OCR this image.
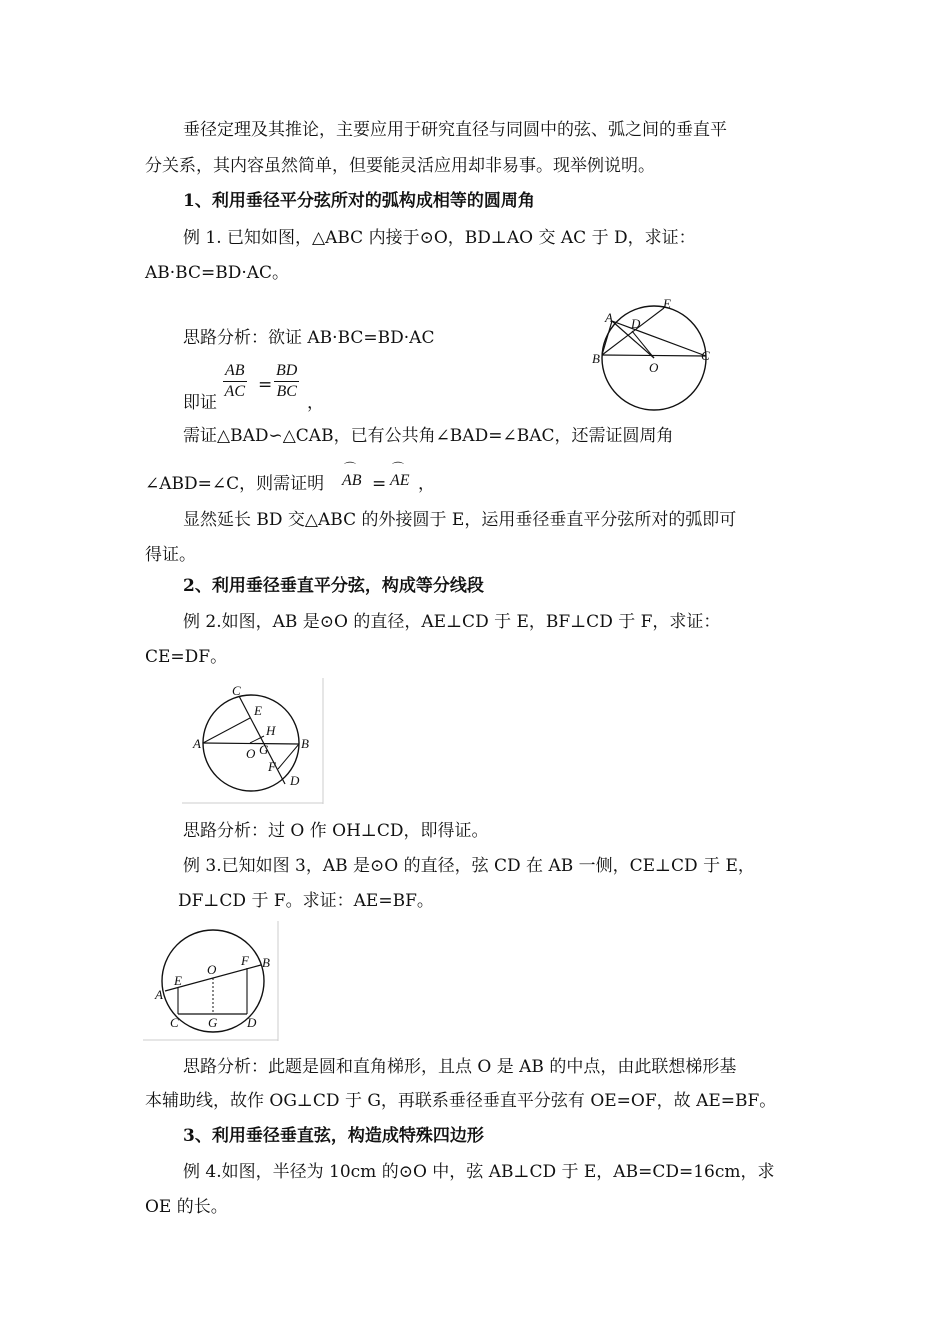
垂径定理及其推论，主要应用于研究直径与同圆中的弦、弧之间的垂直平
分关系，其内容虽然简单，但要能灵活应用却非易事。现举例说明。
1、利用垂径平分弦所对的弧构成相等的圆周角
例 1. 已知如图，△ABC 内接于⊙O，BD⊥AO 交 AC 于 D，求证：
AB·BC=BD·AC。
思路分析：欲证 AB·BC=BD·AC
即证
$\frac{AB}{AC} = \frac{BD}{BC}$
，
需证△BAD∽△CAB，已有公共角∠BAD=∠BAC，还需证圆周角
∠ABD=∠C，则需证明 ⌒ AB = ⌒ AE ，
显然延长 BD 交△ABC 的外接圆于 E，运用垂径垂直平分弦所对的弧即可
得证。
A
B	C
D
E
O
2、利用垂径垂直平分弦，构成等分线段
例 2.如图，AB 是⊙O 的直径，AE⊥CD 于 E，BF⊥CD 于 F，求证：
CE=DF。
C
E
H
A	B
O G
F
D
思路分析：过 O 作 OH⊥CD，即得证。
例 3.已知如图 3，AB 是⊙O 的直径，弦 CD 在 AB 一侧，CE⊥CD 于 E，
DF⊥CD 于 F。求证：AE=BF。
A
B
C	D
E
F
G
O
思路分析：此题是圆和直角梯形，且点 O 是 AB 的中点，由此联想梯形基
本辅助线，故作 OG⊥CD 于 G，再联系垂径垂直平分弦有 OE=OF，故 AE=BF。
3、利用垂径垂直弦，构造成特殊四边形
例 4.如图，半径为 10cm 的⊙O 中，弦 AB⊥CD 于 E，AB=CD=16cm，求
OE 的长。
